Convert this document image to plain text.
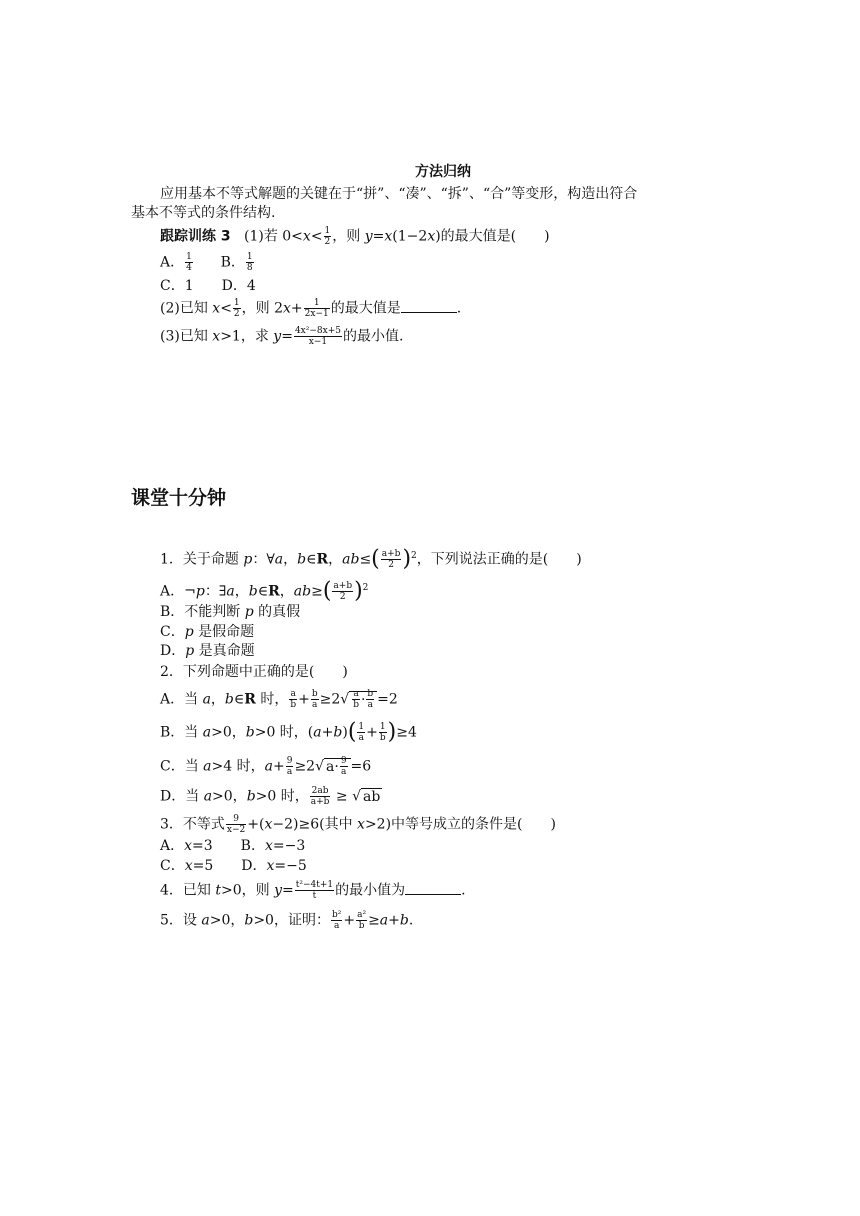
方法归纳
应用基本不等式解题的关键在于“拼”、“凑”、“拆”、“合”等变形，构造出符合
基本不等式的条件结构.
跟踪训练 3 (1)若 $0<x< \frac{1}{2}$ ，则 y=x(1−2x)的最大值是(　　)
A． $\frac{1}{4}$ B． $\frac{1}{8}$
C．1　　D．4
(2)已知 $x< \frac{1}{2}$ ，则 $2x+ \frac{1}{2x-1}$ 的最大值是	.
(3)已知 x>1，求 $y= \frac{\text{4x²−8x+5}}{x-1}$ 的最小值.
课堂十分钟
1．关于命题 p：∀a，b∈R，$ab\le( \frac{a+b}{2} )^2$，下列说法正确的是(　　)
A．¬p：∃a，b∈R，$ab\ge( \frac{a+b}{2} )^2$
B．不能判断 p 的真假
C．p 是假命题
D．p 是真命题
2．下列命题中正确的是(　　)
A．当 a，b∈R 时， $\frac{a}{b} + \frac{b}{a} \ge 2√ \frac{a}{b} \cdot \frac{b}{a} =2$
B．当 a>0，b>0 时，$(a+b)( \frac{1}{a} + \frac{1}{b} )\ge 4$
C．当 a>4 时，$a+ \frac{9}{a} \ge 2√$ $a\cdot \frac{9}{a} =6$
D．当 a>0，b>0 时， $\frac{2ab}{a+b}$ ≥ √ ab
3．不等式 $\frac{9}{x-2} +(x-2)\ge 6$(其中 x>2)中等号成立的条件是(　　)
A．x=3　　B．x=−3
C．x=5　　D．x=−5
4．已知 t>0，则 $y= \frac{\text{t²−4t+1}}{t}$ 的最小值为	.
5．设 a>0，b>0，证明： $\frac{\text{b²}}{a} + \frac{\text{a²}}{b} \ge a+b$.
